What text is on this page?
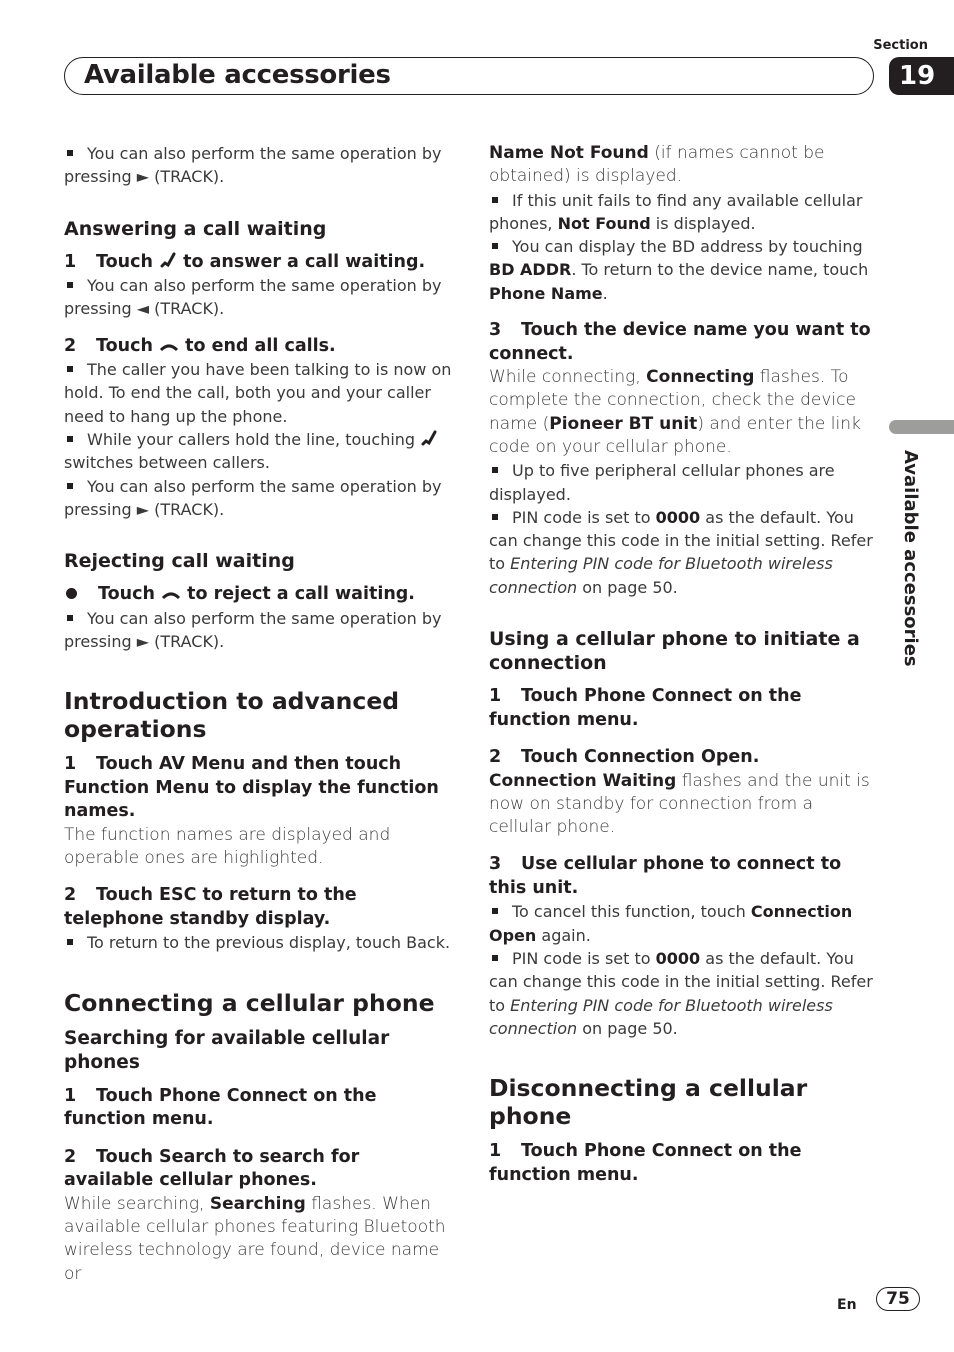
Section
Available accessories	19
Available accessories

You can also perform the same operation by pressing ► (TRACK).

Answering a call waiting

1 Touch to answer a call waiting.

You can also perform the same operation by pressing ◄ (TRACK).

2 Touch to end all calls.

The caller you have been talking to is now on hold. To end the call, both you and your caller need to hang up the phone.

While your callers hold the line, touching  switches between callers.

You can also perform the same operation by pressing ► (TRACK).

Rejecting call waiting

Touch to reject a call waiting.

You can also perform the same operation by pressing ► (TRACK).

Introduction to advanced operations

1 Touch AV Menu and then touch Function Menu to display the function names.

The function names are displayed and operable ones are highlighted.

2 Touch ESC to return to the telephone standby display.

To return to the previous display, touch Back.

Connecting a cellular phone

Searching for available cellular phones

1 Touch Phone Connect on the function menu.

2 Touch Search to search for available cellular phones.

While searching, Searching flashes. When available cellular phones featuring Bluetooth wireless technology are found, device name or

Name Not Found (if names cannot be obtained) is displayed.

If this unit fails to find any available cellular phones, Not Found is displayed.

You can display the BD address by touching BD ADDR. To return to the device name, touch Phone Name.

3 Touch the device name you want to connect.

While connecting, Connecting flashes. To complete the connection, check the device name (Pioneer BT unit) and enter the link code on your cellular phone.

Up to five peripheral cellular phones are displayed.

PIN code is set to 0000 as the default. You can change this code in the initial setting. Refer to Entering PIN code for Bluetooth wireless connection on page 50.

Using a cellular phone to initiate a connection

1 Touch Phone Connect on the function menu.

2 Touch Connection Open.

Connection Waiting flashes and the unit is now on standby for connection from a cellular phone.

3 Use cellular phone to connect to this unit.

To cancel this function, touch Connection Open again.

PIN code is set to 0000 as the default. You can change this code in the initial setting. Refer to Entering PIN code for Bluetooth wireless connection on page 50.

Disconnecting a cellular phone

1 Touch Phone Connect on the function menu.

En	75
